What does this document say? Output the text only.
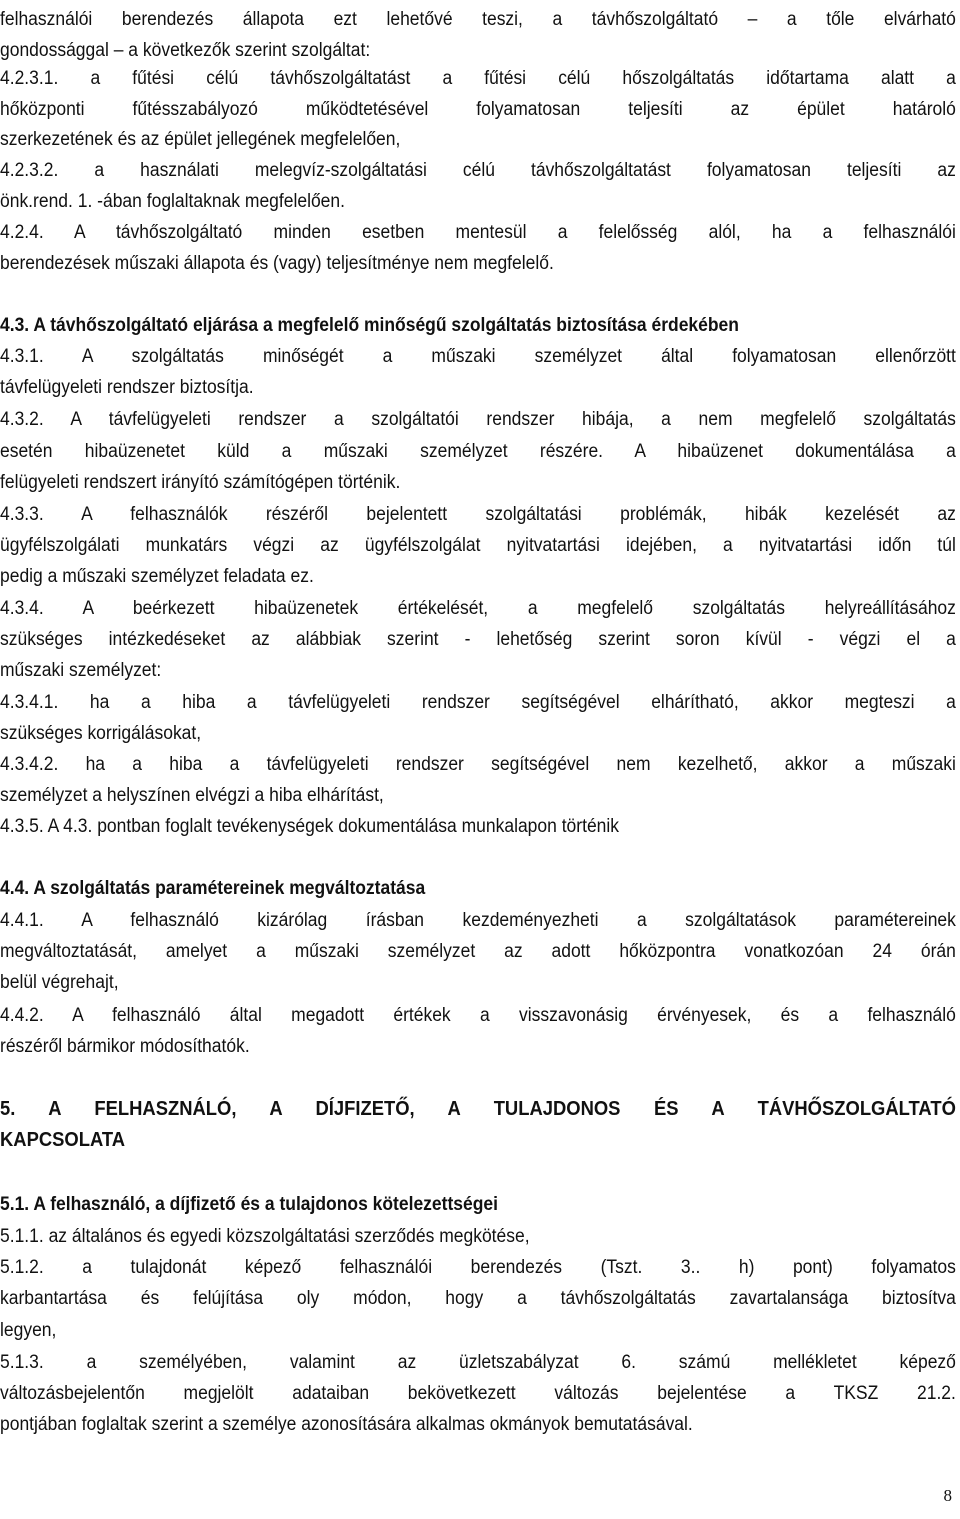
felhasználói berendezés állapota ezt lehetővé teszi, a távhőszolgáltató – a tőle elvárható
gondossággal – a következők szerint szolgáltat:
4.2.3.1. a fűtési célú távhőszolgáltatást a fűtési célú hőszolgáltatás időtartama alatt a
hőközponti fűtésszabályozó működtetésével folyamatosan teljesíti az épület határoló
szerkezetének és az épület jellegének megfelelően,
4.2.3.2. a használati melegvíz-szolgáltatási célú távhőszolgáltatást folyamatosan teljesíti az
önk.rend. 1. -ában foglaltaknak megfelelően.
4.2.4. A távhőszolgáltató minden esetben mentesül a felelősség alól, ha a felhasználói
berendezések műszaki állapota és (vagy) teljesítménye nem megfelelő.
4.3. A távhőszolgáltató eljárása a megfelelő minőségű szolgáltatás biztosítása érdekében
4.3.1. A szolgáltatás minőségét a műszaki személyzet által folyamatosan ellenőrzött
távfelügyeleti rendszer biztosítja.
4.3.2. A távfelügyeleti rendszer a szolgáltatói rendszer hibája, a nem megfelelő szolgáltatás
esetén hibaüzenetet küld a műszaki személyzet részére. A hibaüzenet dokumentálása a
felügyeleti rendszert irányító számítógépen történik.
4.3.3. A felhasználók részéről bejelentett szolgáltatási problémák, hibák kezelését az
ügyfélszolgálati munkatárs végzi az ügyfélszolgálat nyitvatartási idejében, a nyitvatartási időn túl
pedig a műszaki személyzet feladata ez.
4.3.4. A beérkezett hibaüzenetek értékelését, a megfelelő szolgáltatás helyreállításához
szükséges intézkedéseket az alábbiak szerint - lehetőség szerint soron kívül - végzi el a
műszaki személyzet:
4.3.4.1. ha a hiba a távfelügyeleti rendszer segítségével elhárítható, akkor megteszi a
szükséges korrigálásokat,
4.3.4.2. ha a hiba a távfelügyeleti rendszer segítségével nem kezelhető, akkor a műszaki
személyzet a helyszínen elvégzi a hiba elhárítást,
4.3.5. A 4.3. pontban foglalt tevékenységek dokumentálása munkalapon történik
4.4. A szolgáltatás paramétereinek megváltoztatása
4.4.1. A felhasználó kizárólag írásban kezdeményezheti a szolgáltatások paramétereinek
megváltoztatását, amelyet a műszaki személyzet az adott hőközpontra vonatkozóan 24 órán
belül végrehajt,
4.4.2. A felhasználó által megadott értékek a visszavonásig érvényesek, és a felhasználó
részéről bármikor módosíthatók.
5. A FELHASZNÁLÓ, A DÍJFIZETŐ, A TULAJDONOS ÉS A TÁVHŐSZOLGÁLTATÓ
KAPCSOLATA
5.1. A felhasználó, a díjfizető és a tulajdonos kötelezettségei
5.1.1. az általános és egyedi közszolgáltatási szerződés megkötése,
5.1.2. a tulajdonát képező felhasználói berendezés (Tszt. 3.. h) pont) folyamatos
karbantartása és felújítása oly módon, hogy a távhőszolgáltatás zavartalansága biztosítva
legyen,
5.1.3. a személyében, valamint az üzletszabályzat 6. számú mellékletet képező
változásbejelentőn megjelölt adataiban bekövetkezett változás bejelentése a TKSZ 21.2.
pontjában foglaltak szerint a személye azonosítására alkalmas okmányok bemutatásával.
8
